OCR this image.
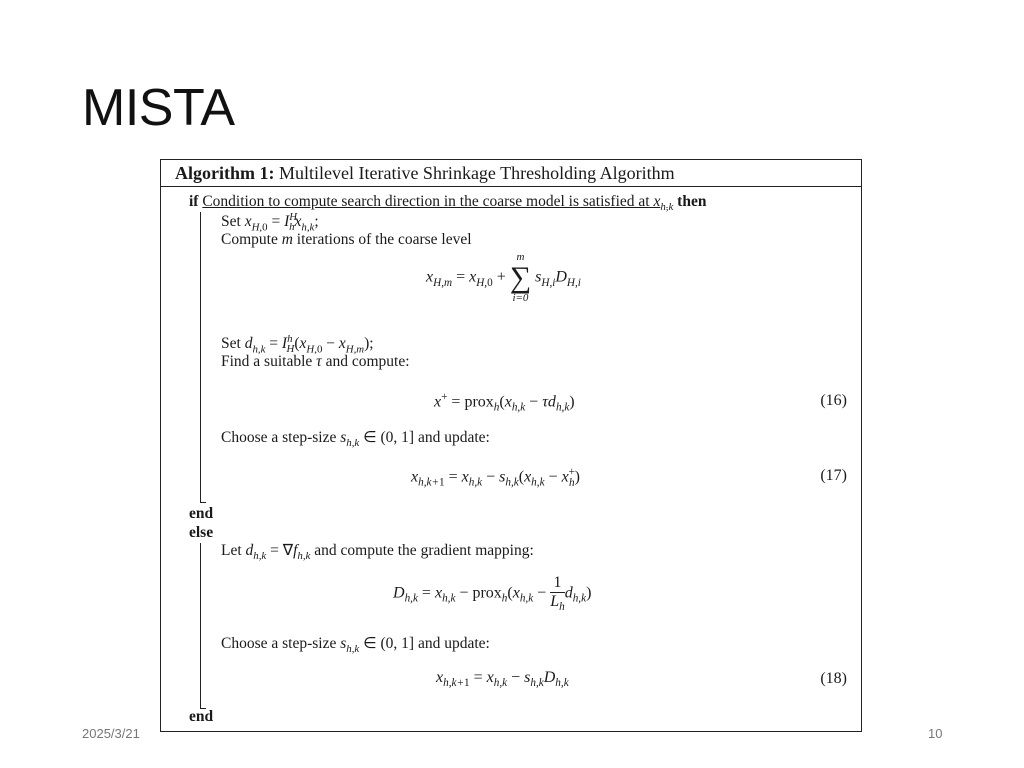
MISTA
Algorithm 1: Multilevel Iterative Shrinkage Thresholding Algorithm
if Condition to compute search direction in the coarse model is satisfied at $x_{h,k}$ then
Set $x_{H,0} = I^H_hx_{h,k}$;
Compute m iterations of the coarse level
$x_{H,m} = x_{H,0}$ +
m
∑
i=0
$s_{H,i}D_{H,i}$
Set $d_{h,k} = I^h_H(x_{H,0} - x_{H,m})$;
Find a suitable τ and compute:
$x^+ = prox_h(x_{h,k} - \tau d_{h,k})$	(16)
Choose a step-size $s_{h,k}$ ∈ (0, 1] and update:
$x_{h,k+1} = x_{h,k} - s_{h,k}(x_{h,k} - x^+_h)$	(17)
end
else
Let $d_{h,k} = \nabla f_{h,k}$ and compute the gradient mapping:
$D_{h,k} = x_{h,k}$ − $prox_h(x_{h,k} - \frac{1}{L_h} d_{h,k})$
Choose a step-size $s_{h,k}$ ∈ (0, 1] and update:
$x_{h,k+1} = x_{h,k} - s_{h,k}D_{h,k}$	(18)
end
2025/3/21	10
